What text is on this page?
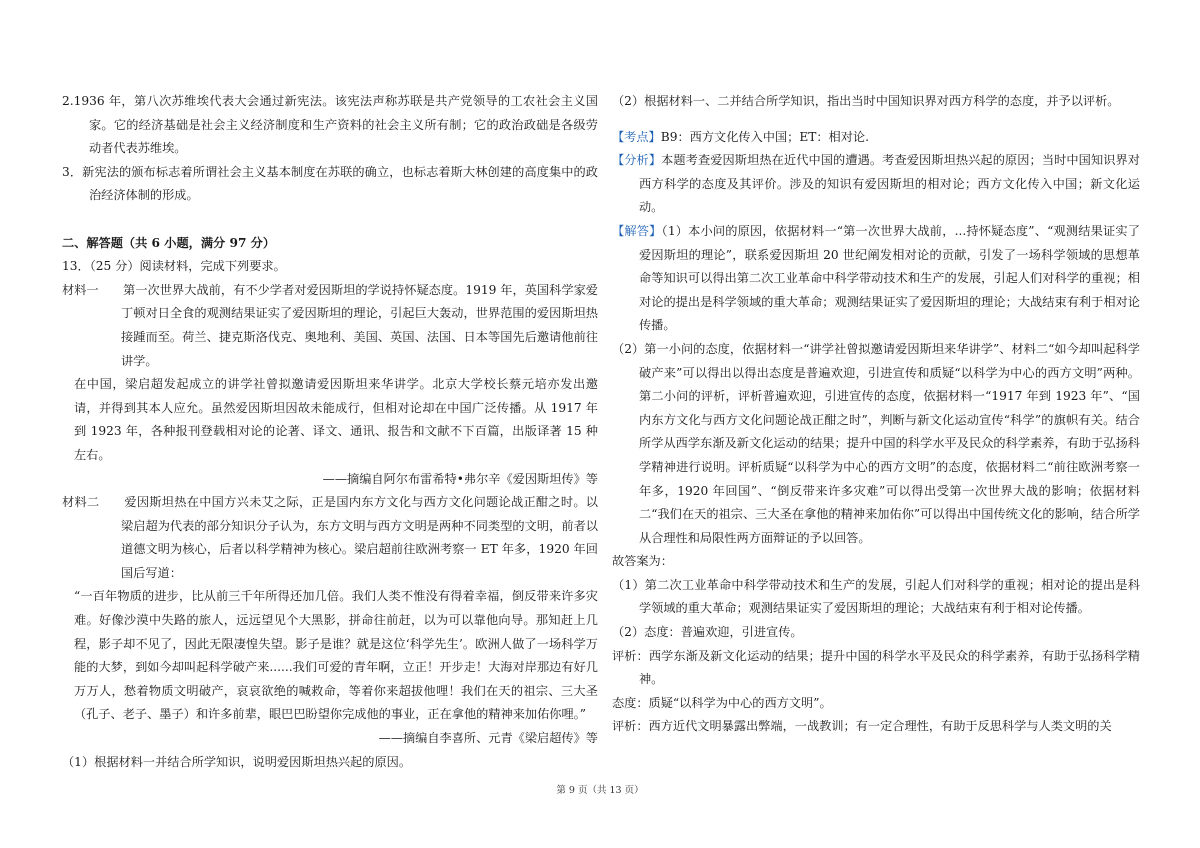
2.1936 年，第八次苏维埃代表大会通过新宪法。该宪法声称苏联是共产党领导的工农社会主义国家。它的经济基础是社会主义经济制度和生产资料的社会主义所有制；它的政治政础是各级劳动者代表苏维埃。

3．新宪法的颁布标志着所谓社会主义基本制度在苏联的确立，也标志着斯大林创建的高度集中的政治经济体制的形成。

二、解答题（共 6 小题，满分 97 分）

13．（25 分）阅读材料，完成下列要求。

材料一　　第一次世界大战前，有不少学者对爱因斯坦的学说持怀疑态度。1919 年，英国科学家爱丁顿对日全食的观测结果证实了爱因斯坦的理论，引起巨大轰动，世界范围的爱因斯坦热接踵而至。荷兰、捷克斯洛伐克、奥地利、美国、英国、法国、日本等国先后邀请他前往讲学。

在中国，梁启超发起成立的讲学社曾拟邀请爱因斯坦来华讲学。北京大学校长蔡元培亦发出邀请，并得到其本人应允。虽然爱因斯坦因故未能成行，但相对论却在中国广泛传播。从 1917 年到 1923 年，各种报刊登载相对论的论著、译文、通讯、报告和文献不下百篇，出版译著 15 种左右。

——摘编自阿尔布雷希特•弗尔辛《爱因斯坦传》等

材料二　　爱因斯坦热在中国方兴未艾之际，正是国内东方文化与西方文化问题论战正酣之时。以梁启超为代表的部分知识分子认为，东方文明与西方文明是两种不同类型的文明，前者以道德文明为核心，后者以科学精神为核心。梁启超前往欧洲考察一 ET 年多，1920 年回国后写道：

“一百年物质的进步，比从前三千年所得还加几倍。我们人类不惟没有得着幸福，倒反带来许多灾难。好像沙漠中失路的旅人，远远望见个大黑影，拼命往前赶，以为可以靠他向导。那知赶上几程，影子却不见了，因此无限凄惶失望。影子是谁？就是这位‘科学先生’。欧洲人做了一场科学万能的大梦，到如今却叫起科学破产来......我们可爱的青年啊，立正！开步走！大海对岸那边有好几万万人，愁着物质文明破产，哀哀欲绝的喊救命，等着你来超拔他哩！我们在天的祖宗、三大圣（孔子、老子、墨子）和许多前辈，眼巴巴盼望你完成他的事业，正在拿他的精神来加佑你哩。”

——摘编自李喜所、元青《梁启超传》等

（1）根据材料一并结合所学知识，说明爱因斯坦热兴起的原因。

（2）根据材料一、二并结合所学知识，指出当时中国知识界对西方科学的态度，并予以评析。

【考点】B9：西方文化传入中国；ET：相对论.

【分析】本题考查爱因斯坦热在近代中国的遭遇。考查爱因斯坦热兴起的原因；当时中国知识界对西方科学的态度及其评价。涉及的知识有爱因斯坦的相对论；西方文化传入中国；新文化运动。

【解答】（1）本小问的原因，依据材料一“第一次世界大战前，...持怀疑态度”、“观测结果证实了爱因斯坦的理论”，联系爱因斯坦 20 世纪阐发相对论的贡献，引发了一场科学领域的思想革命等知识可以得出第二次工业革命中科学带动技术和生产的发展，引起人们对科学的重视；相对论的提出是科学领域的重大革命；观测结果证实了爱因斯坦的理论；大战结束有利于相对论传播。

（2）第一小问的态度，依据材料一“讲学社曾拟邀请爱因斯坦来华讲学”、材料二“如今却叫起科学破产来”可以得出以得出态度是普遍欢迎，引进宣传和质疑“以科学为中心的西方文明”两种。第二小问的评析，评析普遍欢迎，引进宣传的态度，依据材料一“1917 年到 1923 年”、“国内东方文化与西方文化问题论战正酣之时”，判断与新文化运动宣传“科学”的旗帜有关。结合所学从西学东渐及新文化运动的结果；提升中国的科学水平及民众的科学素养，有助于弘扬科学精神进行说明。评析质疑“以科学为中心的西方文明”的态度，依据材料二“前往欧洲考察一年多，1920 年回国”、“倒反带来许多灾难”可以得出受第一次世界大战的影响；依据材料二“我们在天的祖宗、三大圣在拿他的精神来加佑你”可以得出中国传统文化的影响，结合所学从合理性和局限性两方面辩证的予以回答。

故答案为：

（1）第二次工业革命中科学带动技术和生产的发展，引起人们对科学的重视；相对论的提出是科学领域的重大革命；观测结果证实了爱因斯坦的理论；大战结束有利于相对论传播。

（2）态度：普遍欢迎，引进宣传。

评析：西学东渐及新文化运动的结果；提升中国的科学水平及民众的科学素养，有助于弘扬科学精神。

态度：质疑“以科学为中心的西方文明”。

评析：西方近代文明暴露出弊端，一战教训；有一定合理性，有助于反思科学与人类文明的关

第 9 页（共 13 页）
